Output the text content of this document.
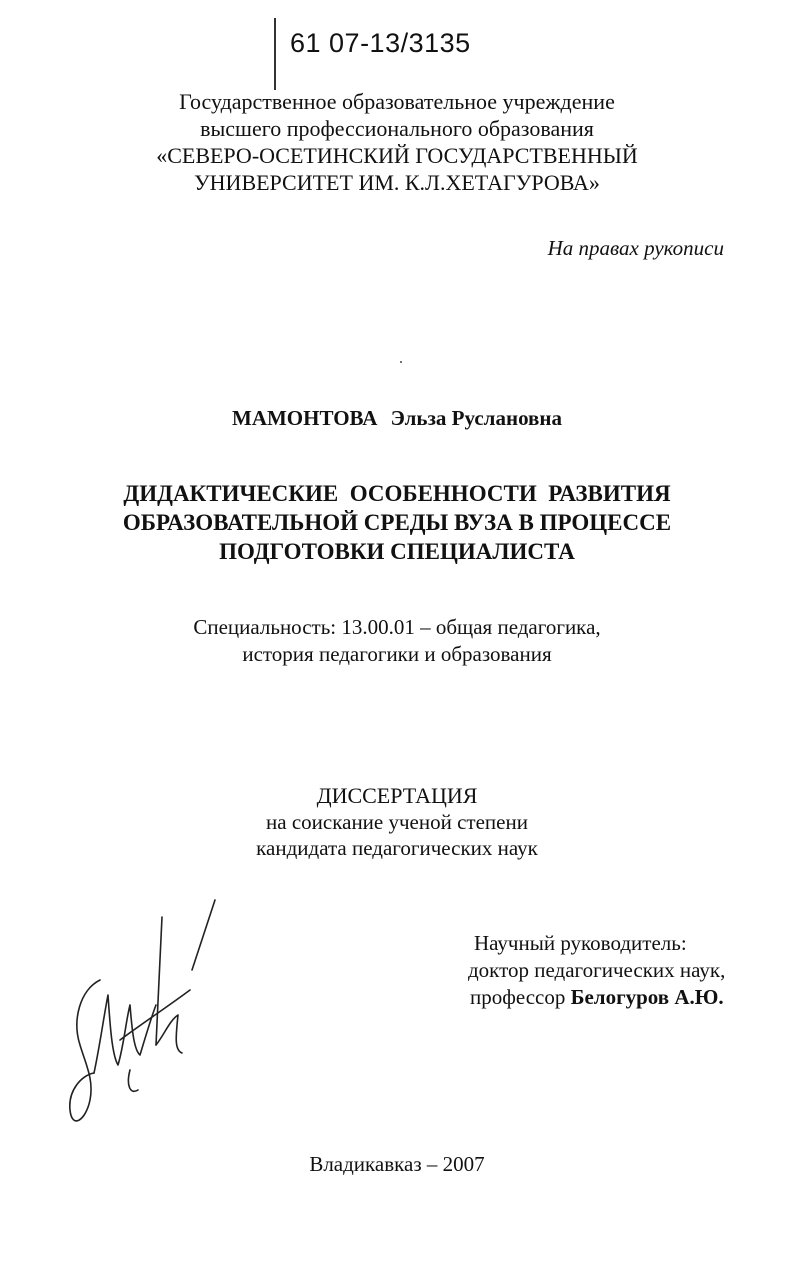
61 07-13/3135
Государственное образовательное учреждение
высшего профессионального образования
«СЕВЕРО-ОСЕТИНСКИЙ ГОСУДАРСТВЕННЫЙ
УНИВЕРСИТЕТ ИМ. К.Л.ХЕТАГУРОВА»
На правах рукописи
МАМОНТОВА Эльза Руслановна
ДИДАКТИЧЕСКИЕ  ОСОБЕННОСТИ  РАЗВИТИЯ
ОБРАЗОВАТЕЛЬНОЙ СРЕДЫ ВУЗА В ПРОЦЕССЕ
ПОДГОТОВКИ СПЕЦИАЛИСТА
Специальность: 13.00.01 – общая педагогика,
история педагогики и образования
ДИССЕРТАЦИЯ
на соискание ученой степени
кандидата педагогических наук
Научный руководитель:
доктор педагогических наук,
профессор Белогуров А.Ю.
Владикавказ – 2007
